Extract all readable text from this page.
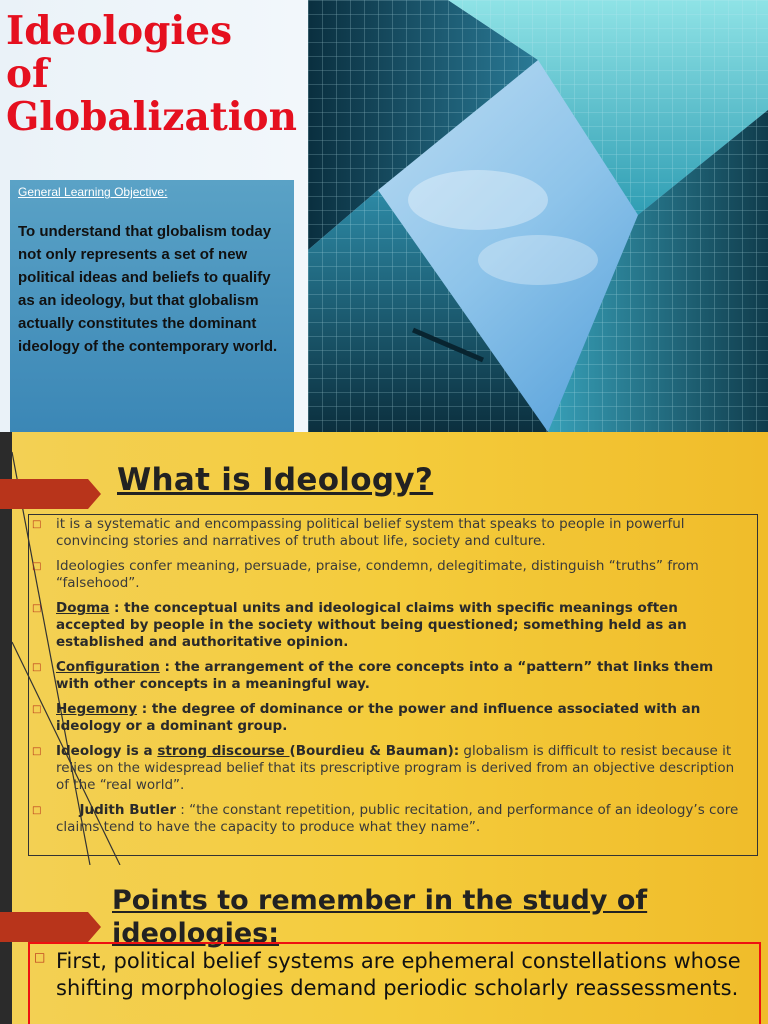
Ideologies
of
Globalization
General Learning Objective:
To understand that globalism today not only represents a set of new political ideas and beliefs to qualify as an ideology, but that globalism actually constitutes the dominant ideology of the contemporary world.
What is Ideology?
□ it is a systematic and encompassing political belief system that speaks to people in powerful convincing stories and narratives of truth about life, society and culture.
□ Ideologies confer meaning, persuade, praise, condemn, delegitimate, distinguish “truths” from “falsehood”.
□ Dogma : the conceptual units and ideological claims with specific meanings often accepted by people in the society without being questioned; something held as an established and authoritative opinion.
□ Configuration : the arrangement of the core concepts into a “pattern” that links them with other concepts in a meaningful way.
□ Hegemony : the degree of dominance or the power and influence associated with an ideology or a dominant group.
□ Ideology is a strong discourse (Bourdieu & Bauman): globalism is difficult to resist because it relies on the widespread belief that its prescriptive program is derived from an objective description of the “real world”.
□ Judith Butler : “the constant repetition, public recitation, and performance of an ideology’s core claims tend to have the capacity to produce what they name”.
Points to remember in the study of ideologies:
□ First, political belief systems are ephemeral constellations whose shifting morphologies demand periodic scholarly reassessments.
